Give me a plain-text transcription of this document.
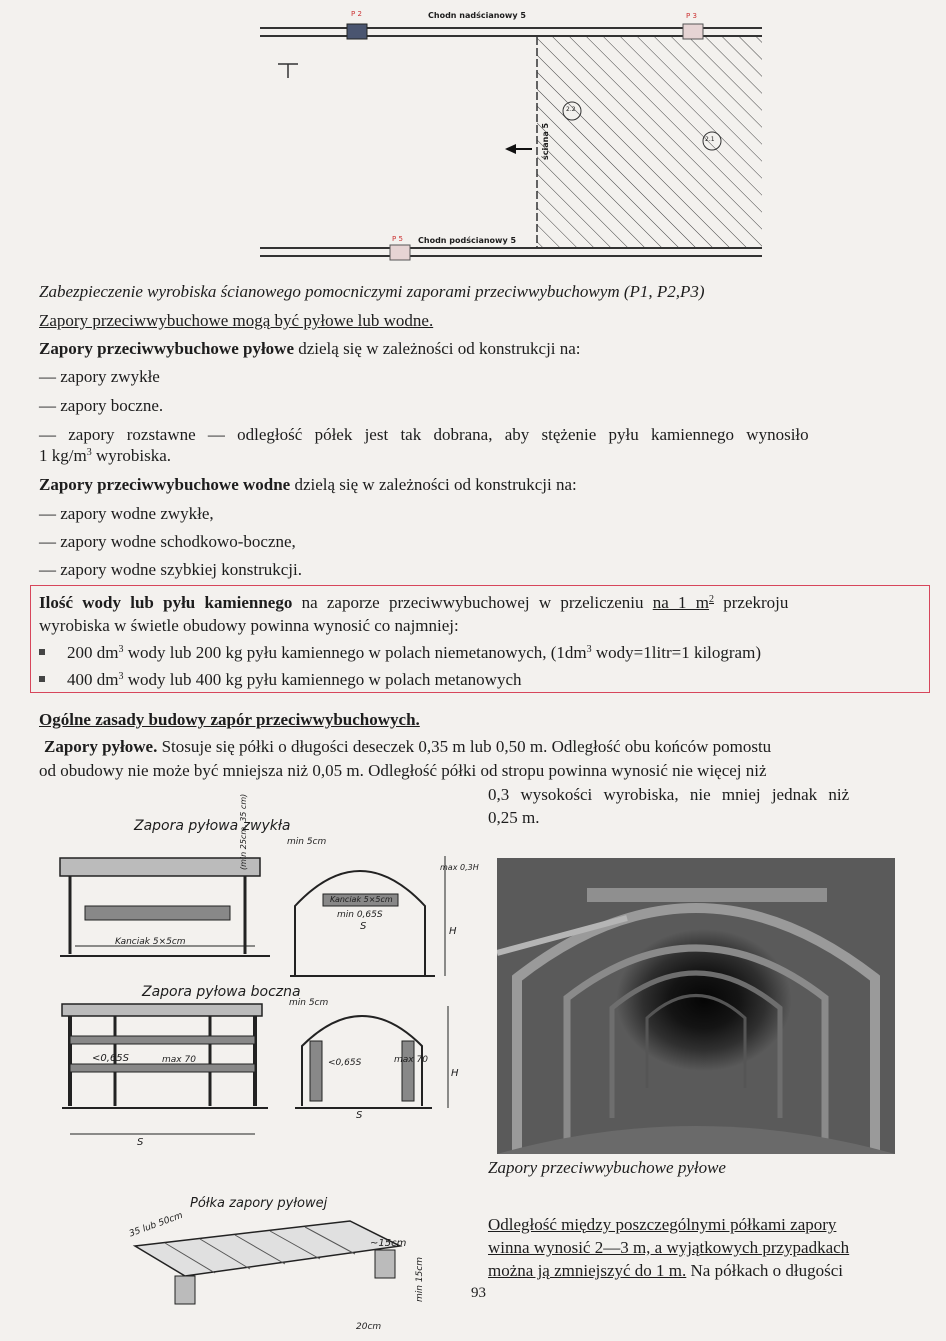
Chodn nadścianowy 5
Chodn podścianowy 5
P 2	P 3
P 5
ściana 5
2.2
2.1
Zabezpieczenie wyrobiska ścianowego pomocniczymi zaporami przeciwwybuchowym (P1, P2,P3)
Zapory przeciwwybuchowe mogą być pyłowe lub wodne.
Zapory przeciwwybuchowe pyłowe dzielą się w zależności od konstrukcji na:
— zapory zwykłe
— zapory boczne.
— zapory rozstawne — odległość półek jest tak dobrana, aby stężenie pyłu kamiennego wynosiło
1 $kg/m^3$ wyrobiska.
Zapory przeciwwybuchowe wodne dzielą się w zależności od konstrukcji na:
— zapory wodne zwykłe,
— zapory wodne schodkowo-boczne,
— zapory wodne szybkiej konstrukcji.
Ilość wody lub pyłu kamiennego na zaporze przeciwwybuchowej w przeliczeniu na 1 $m^2$ przekroju
wyrobiska w świetle obudowy powinna wynosić co najmniej:
200 $dm^3$ wody lub 200 kg pyłu kamiennego w polach niemetanowych, ($1dm^3$ wody=1litr=1 kilogram)
400 $dm^3$ wody lub 400 kg pyłu kamiennego w polach metanowych
Ogólne zasady budowy zapór przeciwwybuchowych.
Zapory pyłowe. Stosuje się półki o długości deseczek 0,35 m lub 0,50 m. Odległość obu końców pomostu
od obudowy nie może być mniejsza niż 0,05 m. Odległość półki od stropu powinna wynosić nie więcej niż
0,3 wysokości wyrobiska, nie mniej jednak niż
0,25 m.
Zapora pyłowa zwykła
Zapora pyłowa boczna
Półka zapory pyłowej
Kanciak 5×5cm
min 5cm
min 0,65S
Kanciak 5×5cm
S	H
max 0,3H
(min 25cm, 35 cm)
<0,65S	max 70
S
min 5cm
<0,65S	max 70
S
H
35 lub 50cm
~15cm
min 15cm
20cm
Zapory przeciwwybuchowe pyłowe
Odległość między poszczególnymi półkami zapory
winna wynosić 2—3 m, a wyjątkowych przypadkach
można ją zmniejszyć do 1 m. Na półkach o długości
93
